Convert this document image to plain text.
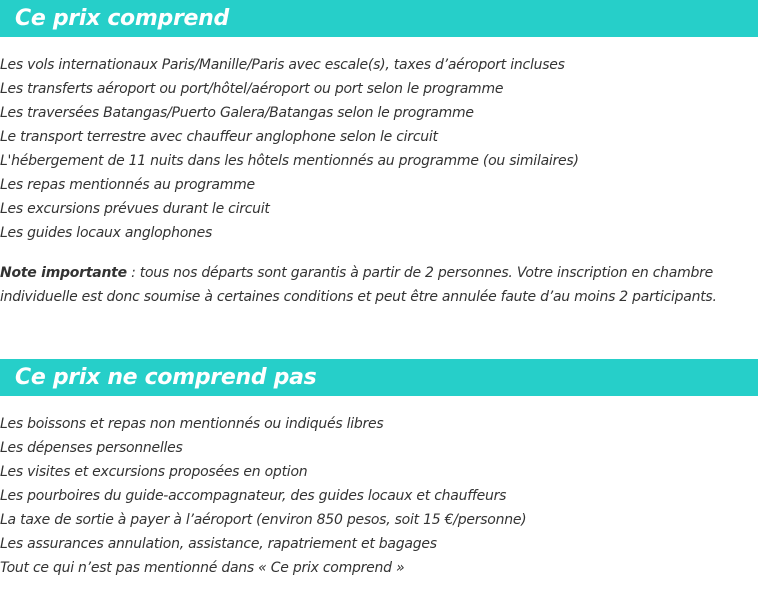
Ce prix comprend
Les vols internationaux Paris/Manille/Paris avec escale(s), taxes d’aéroport incluses
Les transferts aéroport ou port/hôtel/aéroport ou port selon le programme
Les traversées Batangas/Puerto Galera/Batangas selon le programme
Le transport terrestre avec chauffeur anglophone selon le circuit
L'hébergement de 11 nuits dans les hôtels mentionnés au programme (ou similaires)
Les repas mentionnés au programme
Les excursions prévues durant le circuit
Les guides locaux anglophones

Note importante : tous nos départs sont garantis à partir de 2 personnes. Votre inscription en chambre individuelle est donc soumise à certaines conditions et peut être annulée faute d’au moins 2 participants.

Ce prix ne comprend pas
Les boissons et repas non mentionnés ou indiqués libres
Les dépenses personnelles
Les visites et excursions proposées en option
Les pourboires du guide-accompagnateur, des guides locaux et chauffeurs
La taxe de sortie à payer à l’aéroport (environ 850 pesos, soit 15 €/personne)
Les assurances annulation, assistance, rapatriement et bagages
Tout ce qui n’est pas mentionné dans « Ce prix comprend »
